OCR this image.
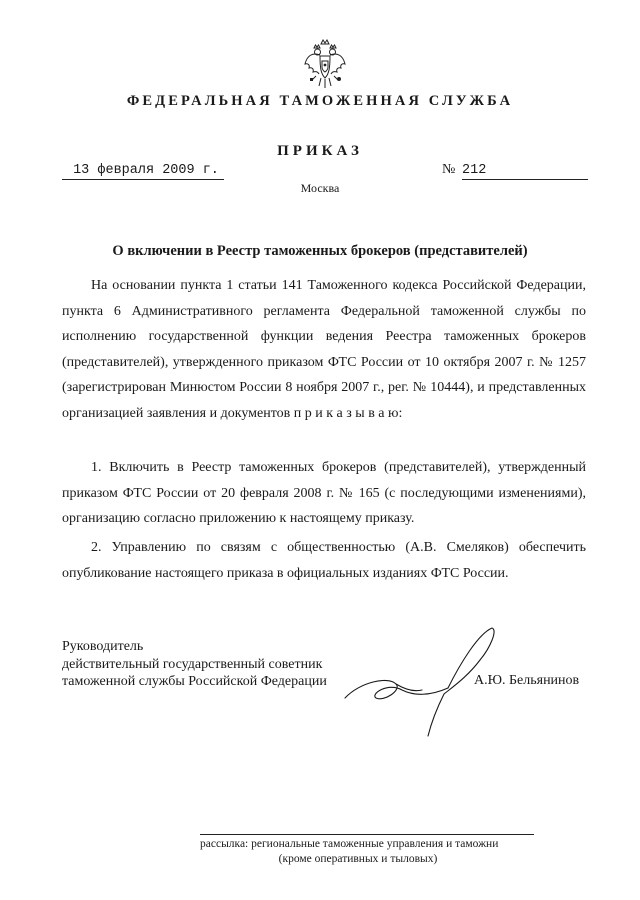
ФЕДЕРАЛЬНАЯ ТАМОЖЕННАЯ СЛУЖБА
ПРИКАЗ
13 февраля 2009 г.	№ 212
Москва
О включении в Реестр таможенных брокеров (представителей)

На основании пункта 1 статьи 141 Таможенного кодекса Российской Федерации, пункта 6 Административного регламента Федеральной таможенной службы по исполнению государственной функции ведения Реестра таможенных брокеров (представителей), утвержденного приказом ФТС России от 10 октября 2007 г. № 1257 (зарегистрирован Минюстом России 8 ноября 2007 г., рег. № 10444), и представленных организацией заявления и документов п р и к а з ы в а ю:

1. Включить в Реестр таможенных брокеров (представителей), утвержденный приказом ФТС России от 20 февраля 2008 г. № 165 (с последующими изменениями), организацию согласно приложению к настоящему приказу.

2. Управлению по связям с общественностью (А.В. Смеляков) обеспечить опубликование настоящего приказа в официальных изданиях ФТС России.

Руководитель
действительный государственный советник
таможенной службы Российской Федерации	А.Ю. Бельянинов
рассылка: региональные таможенные управления и таможни
(кроме оперативных и тыловых)
